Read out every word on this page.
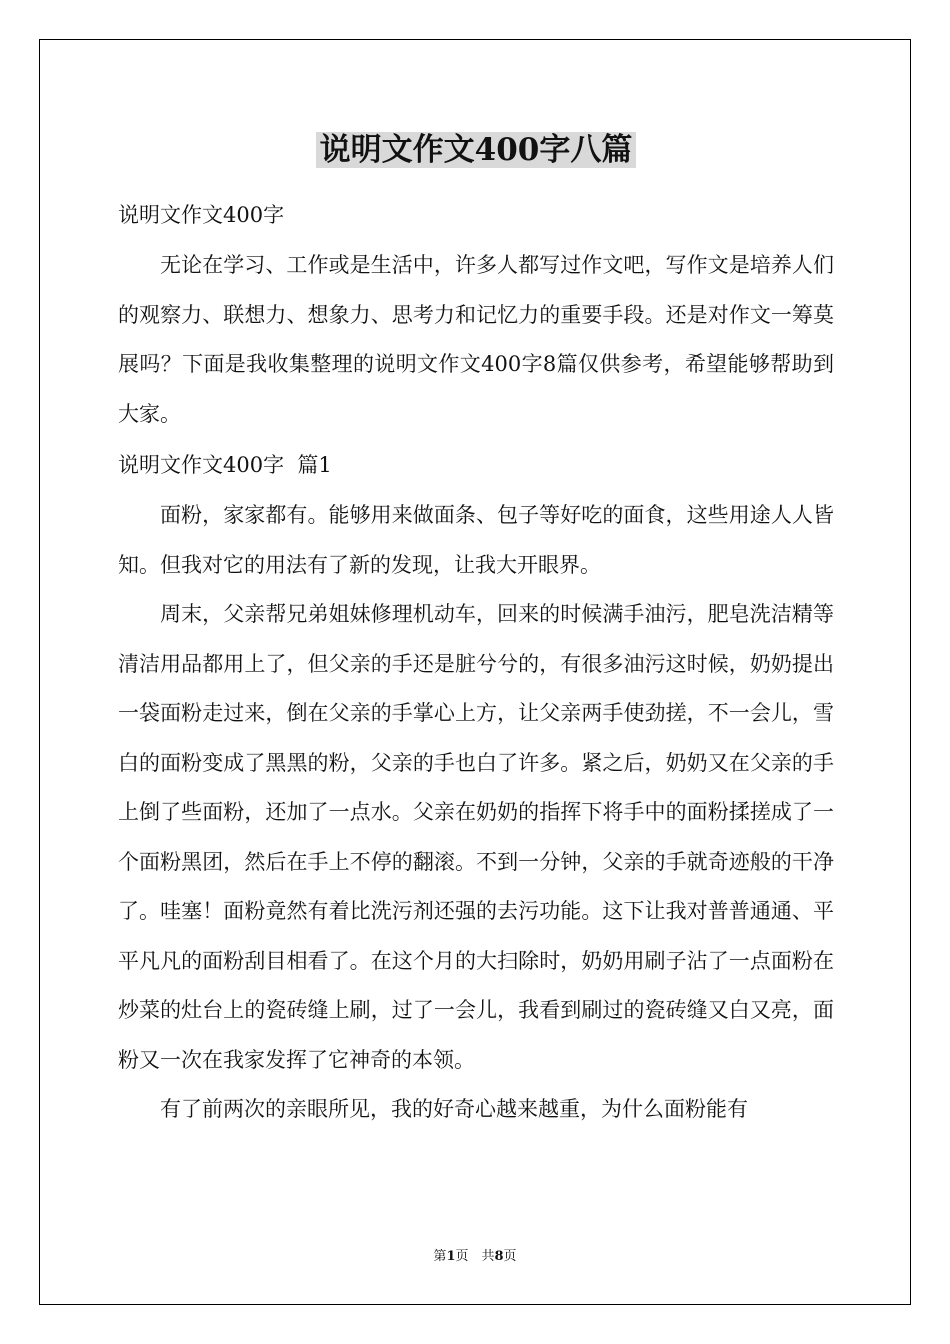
说明文作文400字八篇
说明文作文400字

无论在学习、工作或是生活中，许多人都写过作文吧，写作文是培养人们的观察力、联想力、想象力、思考力和记忆力的重要手段。还是对作文一筹莫展吗？下面是我收集整理的说明文作文400字8篇仅供参考，希望能够帮助到大家。

说明文作文400字  篇1

面粉，家家都有。能够用来做面条、包子等好吃的面食，这些用途人人皆知。但我对它的用法有了新的发现，让我大开眼界。

周末，父亲帮兄弟姐妹修理机动车，回来的时候满手油污，肥皂洗洁精等清洁用品都用上了，但父亲的手还是脏兮兮的，有很多油污这时候，奶奶提出一袋面粉走过来，倒在父亲的手掌心上方，让父亲两手使劲搓，不一会儿，雪白的面粉变成了黑黑的粉，父亲的手也白了许多。紧之后，奶奶又在父亲的手上倒了些面粉，还加了一点水。父亲在奶奶的指挥下将手中的面粉揉搓成了一个面粉黑团，然后在手上不停的翻滚。不到一分钟，父亲的手就奇迹般的干净了。哇塞！面粉竟然有着比洗污剂还强的去污功能。这下让我对普普通通、平平凡凡的面粉刮目相看了。在这个月的大扫除时，奶奶用刷子沾了一点面粉在炒菜的灶台上的瓷砖缝上刷，过了一会儿，我看到刷过的瓷砖缝又白又亮，面粉又一次在我家发挥了它神奇的本领。

有了前两次的亲眼所见，我的好奇心越来越重，为什么面粉能有

第1页　共8页
